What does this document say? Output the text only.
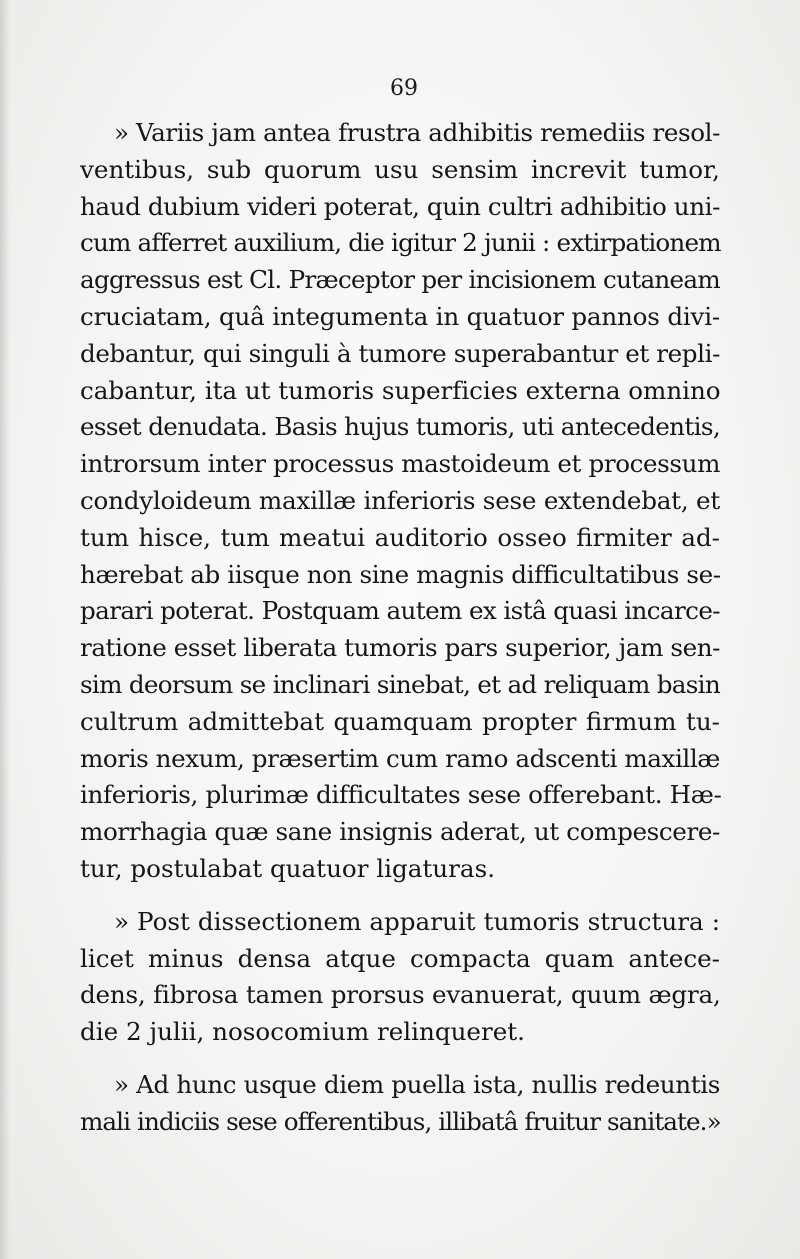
69

» Variis jam antea frustra adhibitis remediis resol-
ventibus, sub quorum usu sensim increvit tumor,
haud dubium videri poterat, quin cultri adhibitio uni-
cum afferret auxilium, die igitur 2 junii : extirpationem
aggressus est Cl. Præceptor per incisionem cutaneam
cruciatam, quâ integumenta in quatuor pannos divi-
debantur, qui singuli à tumore superabantur et repli-
cabantur, ita ut tumoris superficies externa omnino
esset denudata. Basis hujus tumoris, uti antecedentis,
introrsum inter processus mastoideum et processum
condyloideum maxillæ inferioris sese extendebat, et
tum hisce, tum meatui auditorio osseo firmiter ad-
hærebat ab iisque non sine magnis difficultatibus se-
parari poterat. Postquam autem ex istâ quasi incarce-
ratione esset liberata tumoris pars superior, jam sen-
sim deorsum se inclinari sinebat, et ad reliquam basin
cultrum admittebat quamquam propter firmum tu-
moris nexum, præsertim cum ramo adscenti maxillæ
inferioris, plurimæ difficultates sese offerebant. Hæ-
morrhagia quæ sane insignis aderat, ut compescere-
tur, postulabat quatuor ligaturas.

» Post dissectionem apparuit tumoris structura :
licet minus densa atque compacta quam antece-
dens, fibrosa tamen prorsus evanuerat, quum ægra,
die 2 julii, nosocomium relinqueret.

» Ad hunc usque diem puella ista, nullis redeuntis
mali indiciis sese offerentibus, illibatâ fruitur sanitate.»
